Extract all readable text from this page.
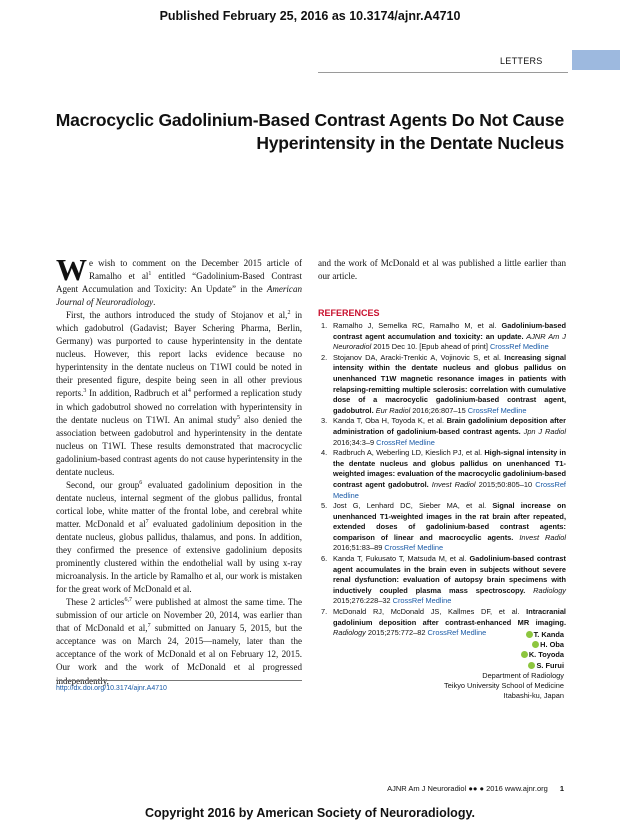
Published February 25, 2016 as 10.3174/ajnr.A4710
LETTERS
Macrocyclic Gadolinium-Based Contrast Agents Do Not Cause
Hyperintensity in the Dentate Nucleus

We wish to comment on the December 2015 article of Ramalho et $al^1$ entitled “Gadolinium-Based Contrast Agent Accumulation and Toxicity: An Update” in the American Journal of Neuroradiology.

First, the authors introduced the study of Stojanov et al,$^2$ in which gadobutrol (Gadavist; Bayer Schering Pharma, Berlin, Germany) was purported to cause hyperintensity in the dentate nucleus. However, this report lacks evidence because no hyperintensity in the dentate nucleus on T1WI could be noted in their presented figure, despite being seen in all other previous reports.$^3$ In addition, Radbruch et $al^4$ performed a replication study in which gadobutrol showed no correlation with hyperintensity in the dentate nucleus on T1WI. An animal study$^5$ also denied the association between gadobutrol and hyperintensity in the dentate nucleus on T1WI. These results demonstrated that macrocyclic gadolinium-based contrast agents do not cause hyperintensity in the dentate nucleus.

Second, our group$^6$ evaluated gadolinium deposition in the dentate nucleus, internal segment of the globus pallidus, frontal cortical lobe, white matter of the frontal lobe, and cerebral white matter. McDonald et $al^7$ evaluated gadolinium deposition in the dentate nucleus, globus pallidus, thalamus, and pons. In addition, they confirmed the presence of extensive gadolinium deposits prominently clustered within the endothelial wall by using x-ray microanalysis. In the article by Ramalho et al, our work is mistaken for the great work of McDonald et al.

These 2 articles$^{6,7}$ were published at almost the same time. The submission of our article on November 20, 2014, was earlier than that of McDonald et al,$^7$ submitted on January 5, 2015, but the acceptance was on March 24, 2015—namely, later than the acceptance of the work of McDonald et al on February 12, 2015. Our work and the work of McDonald et al progressed

and the work of McDonald et al was published a little earlier than our article.

REFERENCES
1. Ramalho J, Semelka RC, Ramalho M, et al. Gadolinium-based contrast agent accumulation and toxicity: an update. AJNR Am J Neuroradiol 2015 Dec 10. [Epub ahead of print] CrossRef Medline
2. Stojanov DA, Aracki-Trenkic A, Vojinovic S, et al. Increasing signal intensity within the dentate nucleus and globus pallidus on unenhanced T1W magnetic resonance images in patients with relapsing-remitting multiple sclerosis: correlation with cumulative dose of a macrocyclic gadolinium-based contrast agent, gadobutrol. Eur Radiol 2016;26:807–15 CrossRef Medline
3. Kanda T, Oba H, Toyoda K, et al. Brain gadolinium deposition after administration of gadolinium-based contrast agents. Jpn J Radiol 2016;34:3–9 CrossRef Medline
4. Radbruch A, Weberling LD, Kieslich PJ, et al. High-signal intensity in the dentate nucleus and globus pallidus on unenhanced T1-weighted images: evaluation of the macrocyclic gadolinium-based contrast agent gadobutrol. Invest Radiol 2015;50:805–10 CrossRef Medline
5. Jost G, Lenhard DC, Sieber MA, et al. Signal increase on unenhanced T1-weighted images in the rat brain after repeated, extended doses of gadolinium-based contrast agents: comparison of linear and macrocyclic agents. Invest Radiol 2016;51:83–89 CrossRef Medline
6. Kanda T, Fukusato T, Matsuda M, et al. Gadolinium-based contrast agent accumulates in the brain even in subjects without severe renal dysfunction: evaluation of autopsy brain specimens with inductively coupled plasma mass spectroscopy. Radiology 2015;276:228–32 CrossRef Medline
7. McDonald RJ, McDonald JS, Kallmes DF, et al. Intracranial gadolinium deposition after contrast-enhanced MR imaging. Radiology 2015;275:772–82 CrossRef Medline	T. Kanda
H. Oba
K. Toyoda
S. Furui
Department of Radiology
Teikyo University School of Medicine
Itabashi-ku, Japan
http://dx.doi.org/10.3174/ajnr.A4710
AJNR Am J Neuroradiol ●● ● 2016 www.ajnr.org 1
Copyright 2016 by American Society of Neuroradiology.
